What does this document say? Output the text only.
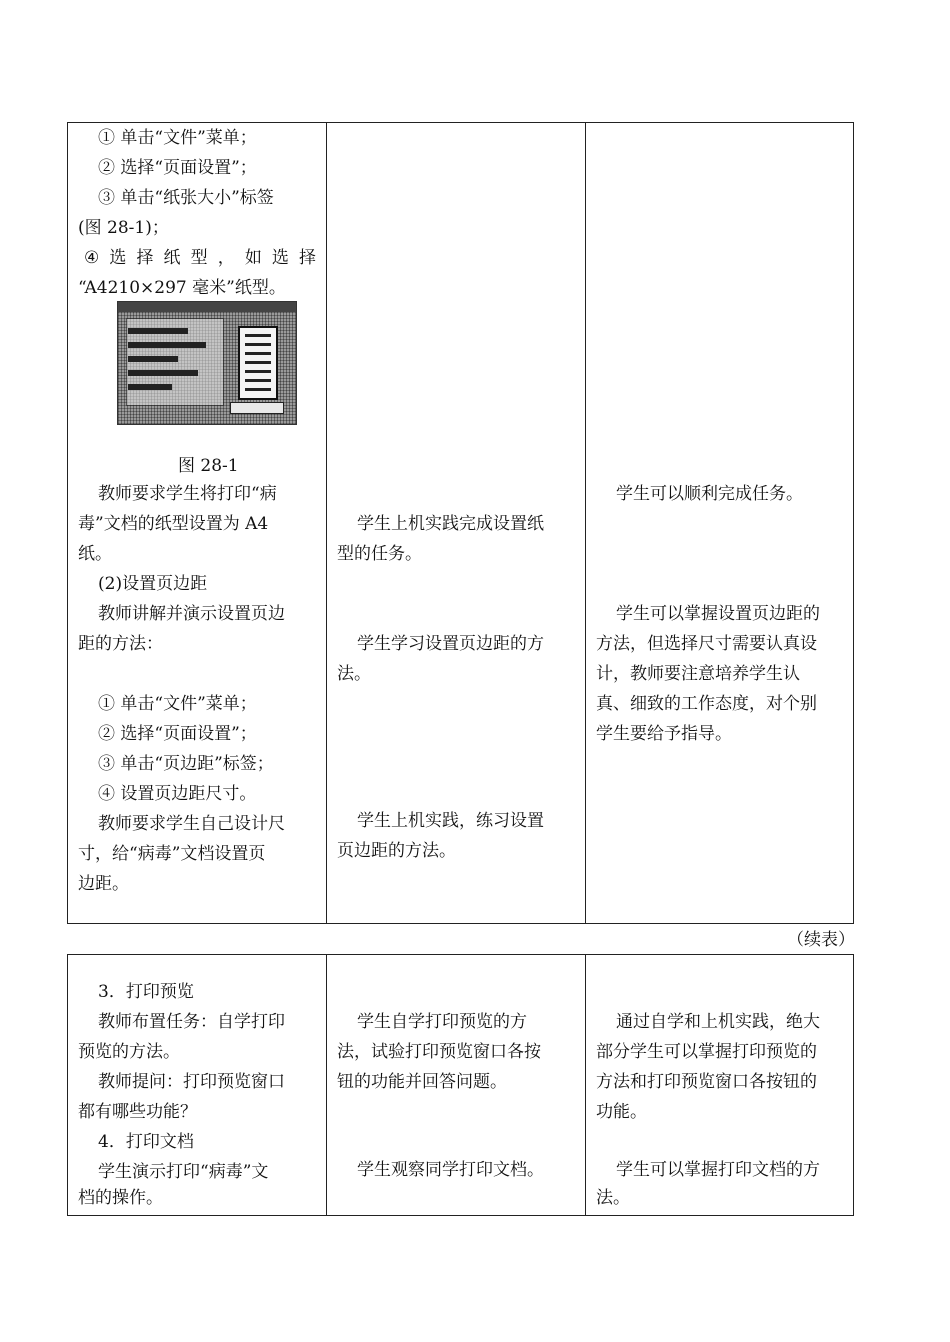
① 单击“文件”菜单；
② 选择“页面设置”；
③ 单击“纸张大小”标签
(图 28-1)；
④ 选 择 纸 型 ， 如 选 择
“A4210×297 毫米”纸型。
图 28-1
教师要求学生将打印“病
毒”文档的纸型设置为 A4
纸。
(2)设置页边距
教师讲解并演示设置页边
距的方法：
① 单击“文件”菜单；
② 选择“页面设置”；
③ 单击“页边距”标签；
④ 设置页边距尺寸。
教师要求学生自己设计尺
寸，给“病毒”文档设置页
边距。
学生上机实践完成设置纸
型的任务。
学生学习设置页边距的方
法。
学生上机实践，练习设置
页边距的方法。
学生可以顺利完成任务。
学生可以掌握设置页边距的
方法，但选择尺寸需要认真设
计，教师要注意培养学生认
真、细致的工作态度，对个别
学生要给予指导。
（续表）
3．打印预览
教师布置任务：自学打印
预览的方法。
教师提问：打印预览窗口
都有哪些功能？
4．打印文档
学生演示打印“病毒”文
档的操作。
学生自学打印预览的方
法，试验打印预览窗口各按
钮的功能并回答问题。
学生观察同学打印文档。
通过自学和上机实践，绝大
部分学生可以掌握打印预览的
方法和打印预览窗口各按钮的
功能。
学生可以掌握打印文档的方
法。
